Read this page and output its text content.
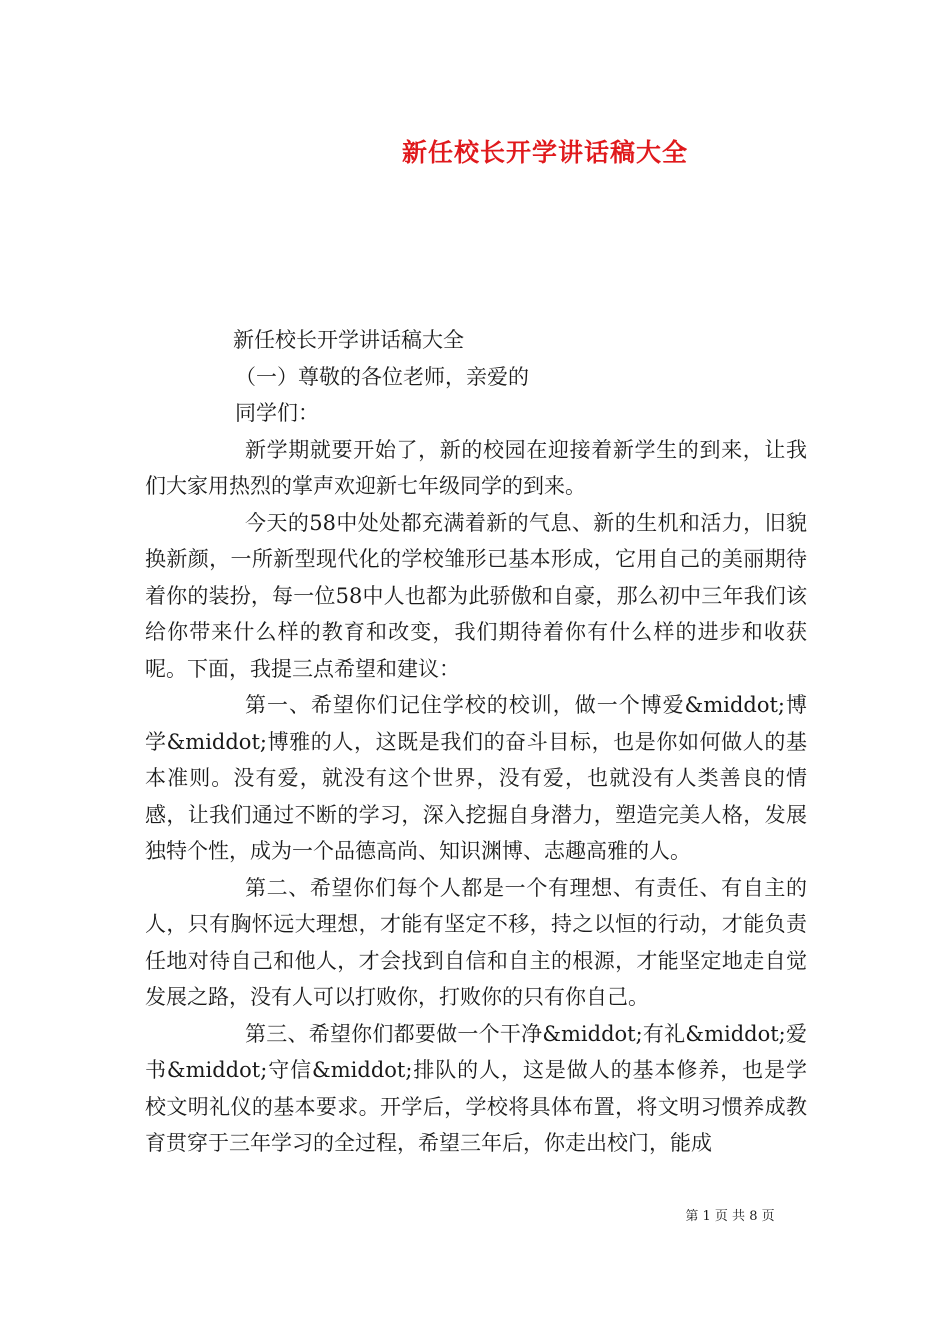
新任校长开学讲话稿大全

新任校长开学讲话稿大全

（一）尊敬的各位老师，亲爱的

同学们：

新学期就要开始了，新的校园在迎接着新学生的到来，让我们大家用热烈的掌声欢迎新七年级同学的到来。

今天的58中处处都充满着新的气息、新的生机和活力，旧貌换新颜，一所新型现代化的学校雏形已基本形成，它用自己的美丽期待着你的装扮，每一位58中人也都为此骄傲和自豪，那么初中三年我们该给你带来什么样的教育和改变，我们期待着你有什么样的进步和收获呢。下面，我提三点希望和建议：

第一、希望你们记住学校的校训，做一个博爱&middot;博学&middot;博雅的人，这既是我们的奋斗目标，也是你如何做人的基本准则。没有爱，就没有这个世界，没有爱，也就没有人类善良的情感，让我们通过不断的学习，深入挖掘自身潜力，塑造完美人格，发展独特个性，成为一个品德高尚、知识渊博、志趣高雅的人。

第二、希望你们每个人都是一个有理想、有责任、有自主的人，只有胸怀远大理想，才能有坚定不移，持之以恒的行动，才能负责任地对待自己和他人，才会找到自信和自主的根源，才能坚定地走自觉发展之路，没有人可以打败你，打败你的只有你自己。

第三、希望你们都要做一个干净&middot;有礼&middot;爱书&middot;守信&middot;排队的人，这是做人的基本修养，也是学校文明礼仪的基本要求。开学后，学校将具体布置，将文明习惯养成教育贯穿于三年学习的全过程，希望三年后，你走出校门，能成

第 1 页 共 8 页
